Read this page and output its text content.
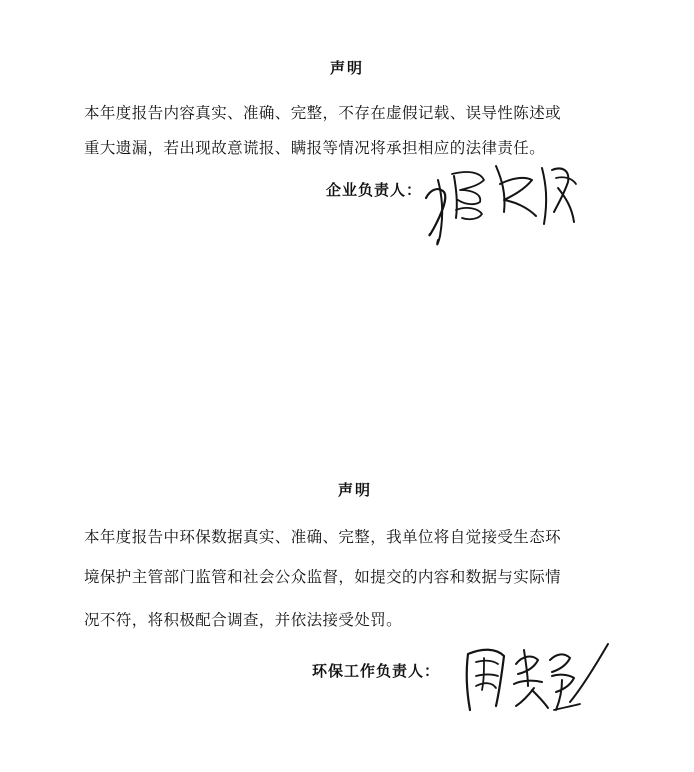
声明
本年度报告内容真实、准确、完整，不存在虚假记载、误导性陈述或
重大遗漏，若出现故意谎报、瞒报等情况将承担相应的法律责任。
企业负责人：
声明
本年度报告中环保数据真实、准确、完整，我单位将自觉接受生态环
境保护主管部门监管和社会公众监督，如提交的内容和数据与实际情
况不符，将积极配合调查，并依法接受处罚。
环保工作负责人：
